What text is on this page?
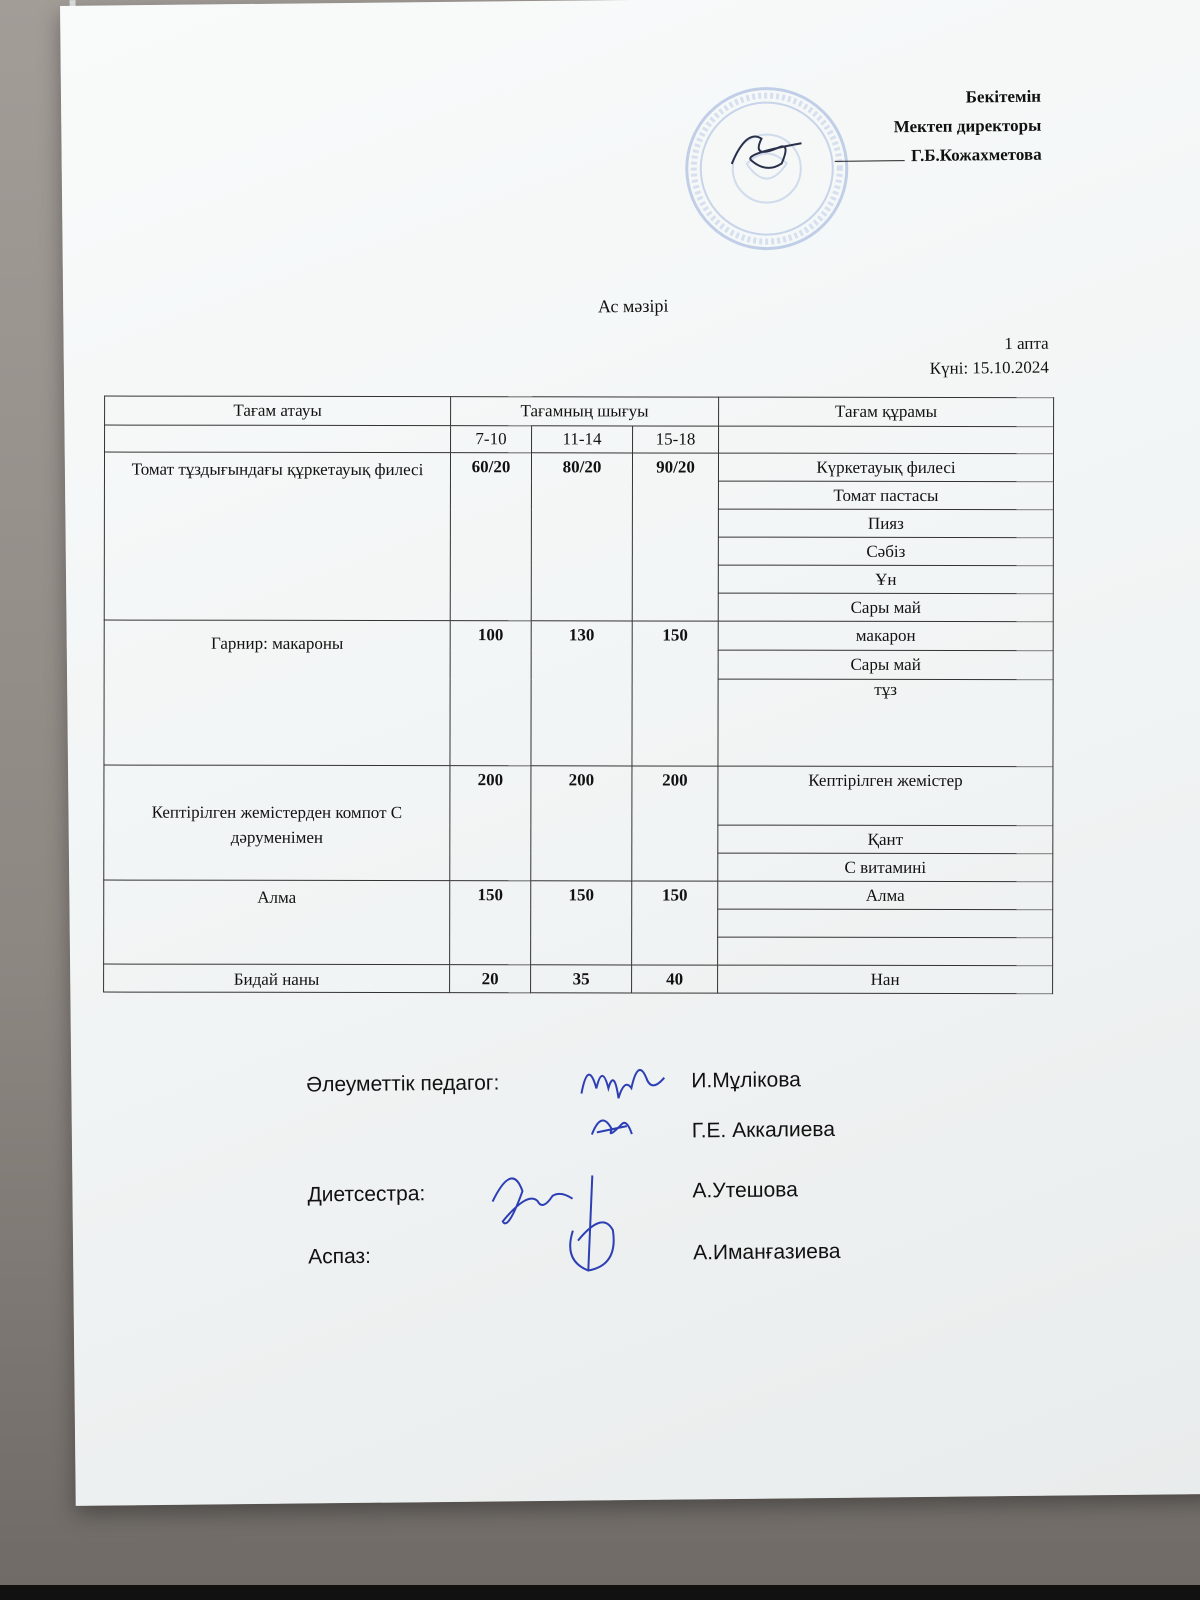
Бекітемін
Мектеп директоры
Г.Б.Кожахметова
Ас мәзірі
1 апта
Күні: 15.10.2024
Тағам атауы	Тағамның шығуы			Тағам құрамы
	7-10	11-14	15-18	
Томат тұздығындағы құркетауық филесі	60/20	80/20	90/20	Күркетауық филесі
				Томат пастасы
				Пияз
				Сәбіз
				Ұн
				Сары май

Гарнир: макароны	100	130	150	макарон
				Сары май
				тұз
Кептірілген жемістерден компот С дәруменімен	200	200	200	Кептірілген жемістер
				Қант
				С витамині
Алма	150	150	150	Алма

Бидай наны	20	35	40	Нан
Әлеуметтік педагог:	И.Мұлікова
Г.Е. Аккалиева
Диетсестра:	А.Утешова
Аспаз:	А.Иманғазиева
